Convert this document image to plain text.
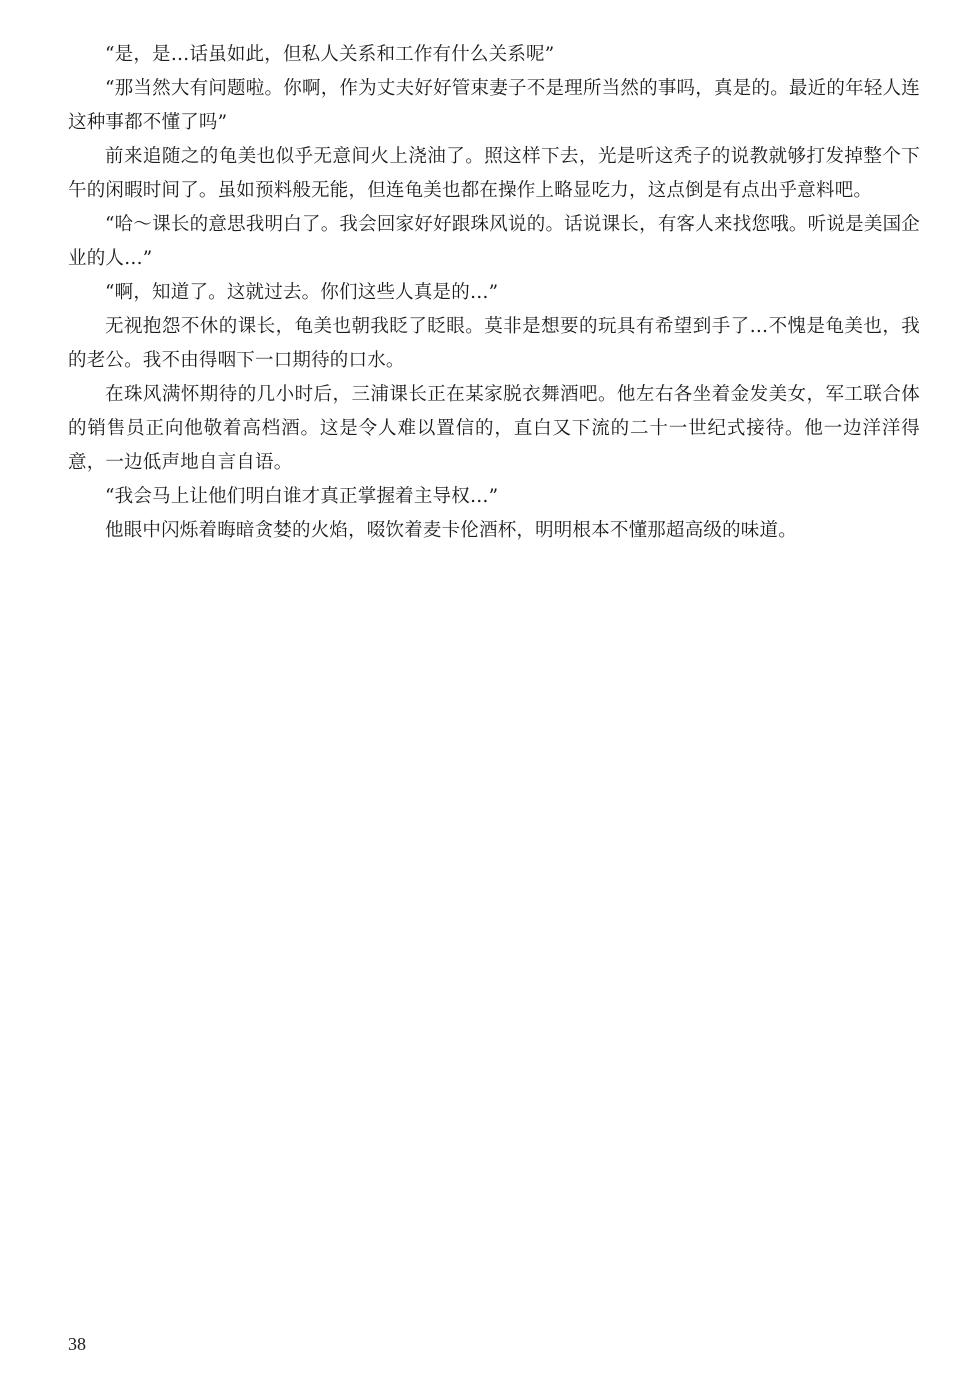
“是，是…话虽如此，但私人关系和工作有什么关系呢”

“那当然大有问题啦。你啊，作为丈夫好好管束妻子不是理所当然的事吗，真是的。最近的年轻人连这种事都不懂了吗”

前来追随之的龟美也似乎无意间火上浇油了。照这样下去，光是听这秃子的说教就够打发掉整个下午的闲暇时间了。虽如预料般无能，但连龟美也都在操作上略显吃力，这点倒是有点出乎意料吧。

“哈～课长的意思我明白了。我会回家好好跟珠风说的。话说课长，有客人来找您哦。听说是美国企业的人…”

“啊，知道了。这就过去。你们这些人真是的…”

无视抱怨不休的课长，龟美也朝我眨了眨眼。莫非是想要的玩具有希望到手了…不愧是龟美也，我的老公。我不由得咽下一口期待的口水。

在珠风满怀期待的几小时后，三浦课长正在某家脱衣舞酒吧。他左右各坐着金发美女，军工联合体的销售员正向他敬着高档酒。这是令人难以置信的，直白又下流的二十一世纪式接待。他一边洋洋得意，一边低声地自言自语。

“我会马上让他们明白谁才真正掌握着主导权…”

他眼中闪烁着晦暗贪婪的火焰，啜饮着麦卡伦酒杯，明明根本不懂那超高级的味道。

38
